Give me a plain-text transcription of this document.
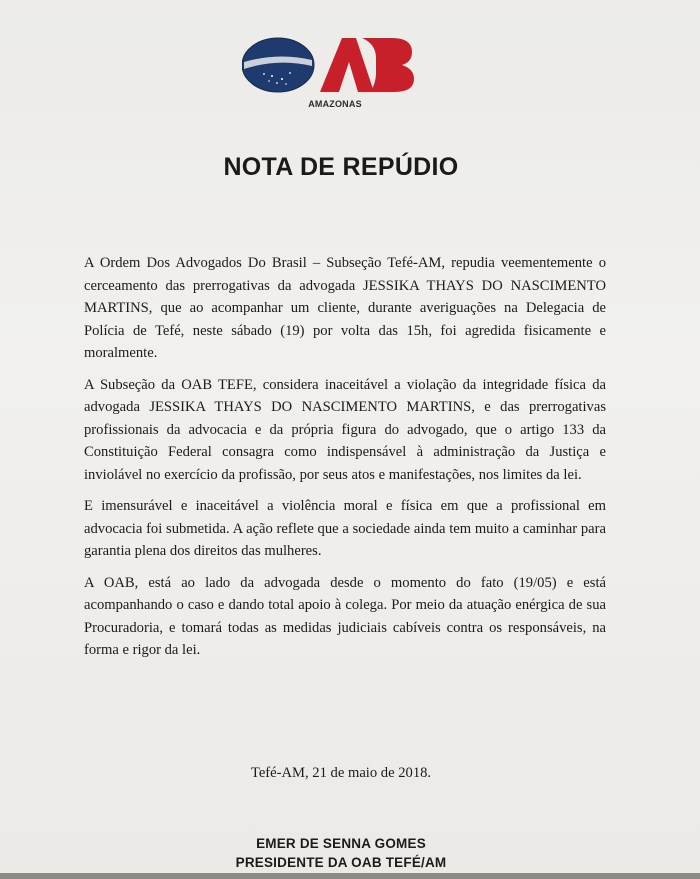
AMAZONAS
NOTA DE REPÚDIO

A Ordem Dos Advogados Do Brasil – Subseção Tefé-AM, repudia veementemente o cerceamento das prerrogativas da advogada JESSIKA THAYS DO NASCIMENTO MARTINS, que ao acompanhar um cliente, durante averiguações na Delegacia de Polícia de Tefé, neste sábado (19) por volta das 15h, foi agredida fisicamente e moralmente.

A Subseção da OAB TEFE, considera inaceitável a violação da integridade física da advogada JESSIKA THAYS DO NASCIMENTO MARTINS, e das prerrogativas profissionais da advocacia e da própria figura do advogado, que o artigo 133 da Constituição Federal consagra como indispensável à administração da Justiça e inviolável no exercício da profissão, por seus atos e manifestações, nos limites da lei.

E imensurável e inaceitável a violência moral e física em que a profissional em advocacia foi submetida. A ação reflete que a sociedade ainda tem muito a caminhar para garantia plena dos direitos das mulheres.

A OAB, está ao lado da advogada desde o momento do fato (19/05) e está acompanhando o caso e dando total apoio à colega. Por meio da atuação enérgica de sua Procuradoria, e tomará todas as medidas judiciais cabíveis contra os responsáveis, na forma e rigor da lei.

Tefé-AM, 21 de maio de 2018.
EMER DE SENNA GOMES
PRESIDENTE DA OAB TEFÉ/AM
